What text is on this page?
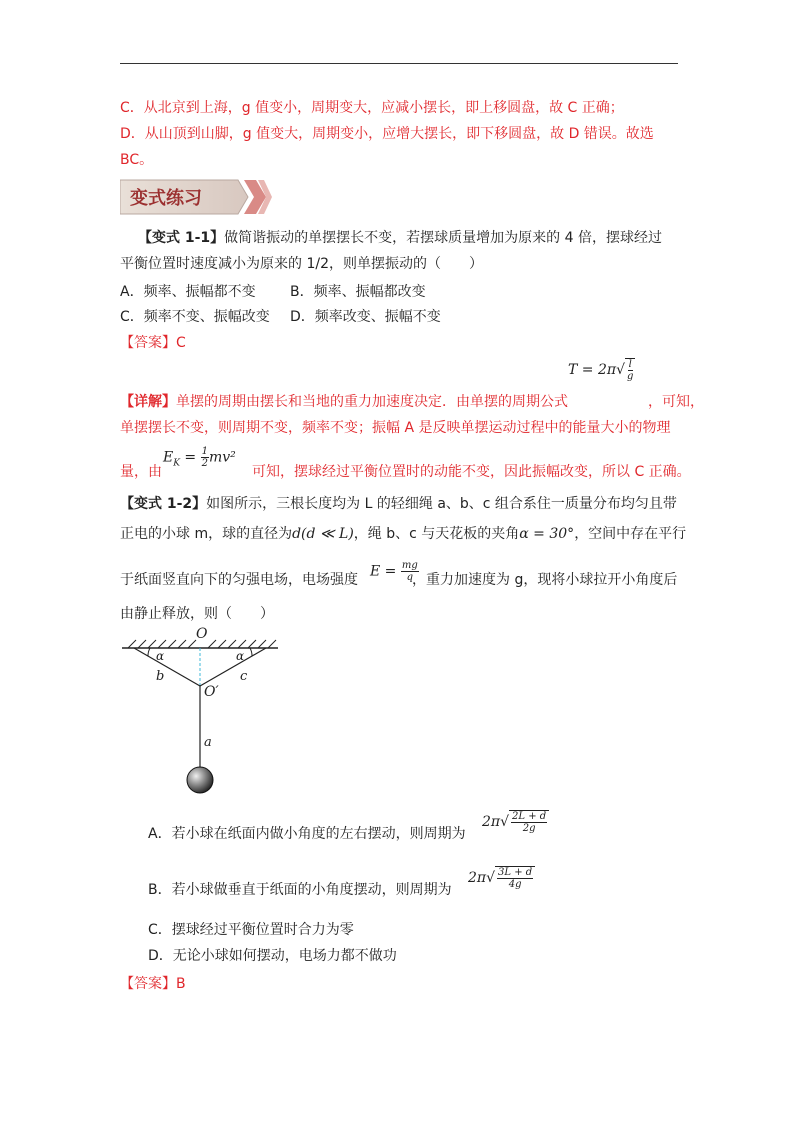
C．从北京到上海，g 值变小，周期变大，应减小摆长，即上移圆盘，故 C 正确；
D．从山顶到山脚，g 值变大，周期变小，应增大摆长，即下移圆盘，故 D 错误。故选
BC。
变式练习
【变式 1-1】做简谐振动的单摆摆长不变，若摆球质量增加为原来的 4 倍，摆球经过
平衡位置时速度减小为原来的 1/2，则单摆振动的（　　）
A．频率、振幅都不变 B．频率、振幅都改变
C．频率不变、振幅改变 D．频率改变、振幅不变
【答案】C
T = 2π √ $\frac{l}{g}$
【详解】单摆的周期由摆长和当地的重力加速度决定．由单摆的周期公式	，可知，
单摆摆长不变，则周期不变，频率不变；振幅 A 是反映单摆运动过程中的能量大小的物理
量，由
$E_K = \frac{1}{2} mv^2$
可知，摆球经过平衡位置时的动能不变，因此振幅改变，所以 C 正确。
【变式 1-2】如图所示，三根长度均为 L 的轻细绳 a、b、c 组合系住一质量分布均匀且带
正电的小球 m，球的直径为d(d ≪ L)，绳 b、c 与天花板的夹角α = 30°，空间中存在平行
于纸面竖直向下的匀强电场，电场强度
$E = \frac{mg}{q}$
，重力加速度为 g，现将小球拉开小角度后
由静止释放，则（　　）
O
O′
α	α
b	c
a
A．若小球在纸面内做小角度的左右摆动，则周期为
2π √ $\frac{2L + d}{2g}$
B．若小球做垂直于纸面的小角度摆动，则周期为
2π √ $\frac{3L + d}{4g}$
C．摆球经过平衡位置时合力为零
D．无论小球如何摆动，电场力都不做功
【答案】B
